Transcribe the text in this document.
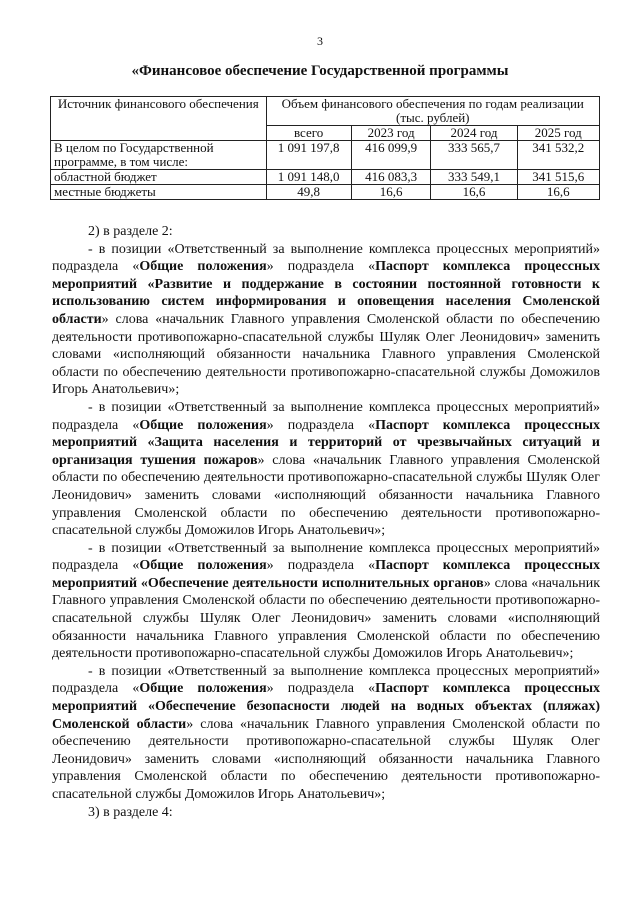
3
«Финансовое обеспечение Государственной программы
Источник финансового обеспечения	Объем финансового обеспечения по годам реализации (тыс. рублей)			
	всего	2023 год	2024 год	2025 год
В целом по Государственной программе, в том числе:	1 091 197,8	416 099,9	333 565,7	341 532,2
областной бюджет	1 091 148,0	416 083,3	333 549,1	341 515,6
местные бюджеты	49,8	16,6	16,6	16,6

2) в разделе 2:

- в позиции «Ответственный за выполнение комплекса процессных мероприятий» подраздела «Общие положения» подраздела «Паспорт комплекса процессных мероприятий «Развитие и поддержание в состоянии постоянной готовности к использованию систем информирования и оповещения населения Смоленской области» слова «начальник Главного управления Смоленской области по обеспечению деятельности противопожарно-спасательной службы Шуляк Олег Леонидович» заменить словами «исполняющий обязанности начальника Главного управления Смоленской области по обеспечению деятельности противопожарно-спасательной службы Доможилов Игорь Анатольевич»;

- в позиции «Ответственный за выполнение комплекса процессных мероприятий» подраздела «Общие положения» подраздела «Паспорт комплекса процессных мероприятий «Защита населения и территорий от чрезвычайных ситуаций и организация тушения пожаров» слова «начальник Главного управления Смоленской области по обеспечению деятельности противопожарно-спасательной службы Шуляк Олег Леонидович» заменить словами «исполняющий обязанности начальника Главного управления Смоленской области по обеспечению деятельности противопожарно-спасательной службы Доможилов Игорь Анатольевич»;

- в позиции «Ответственный за выполнение комплекса процессных мероприятий» подраздела «Общие положения» подраздела «Паспорт комплекса процессных мероприятий «Обеспечение деятельности исполнительных органов» слова «начальник Главного управления Смоленской области по обеспечению деятельности противопожарно-спасательной службы Шуляк Олег Леонидович» заменить словами «исполняющий обязанности начальника Главного управления Смоленской области по обеспечению деятельности противопожарно-спасательной службы Доможилов Игорь Анатольевич»;

- в позиции «Ответственный за выполнение комплекса процессных мероприятий» подраздела «Общие положения» подраздела «Паспорт комплекса процессных мероприятий «Обеспечение безопасности людей на водных объектах (пляжах) Смоленской области» слова «начальник Главного управления Смоленской области по обеспечению деятельности противопожарно-спасательной службы Шуляк Олег Леонидович» заменить словами «исполняющий обязанности начальника Главного управления Смоленской области по обеспечению деятельности противопожарно-спасательной службы Доможилов Игорь Анатольевич»;

3) в разделе 4:
